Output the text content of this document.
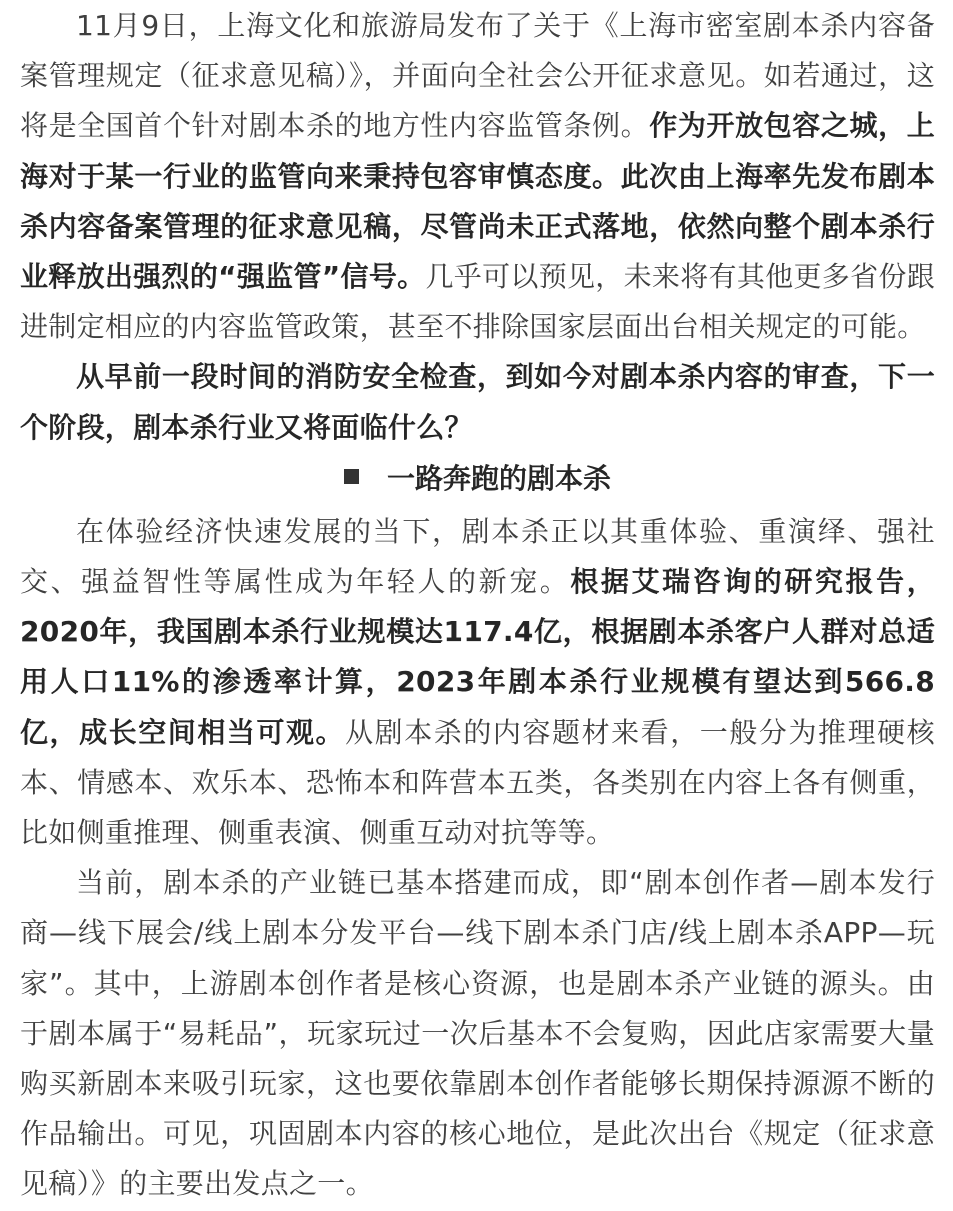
11月9日，上海文化和旅游局发布了关于《上海市密室剧本杀内容备案管理规定（征求意见稿）》，并面向全社会公开征求意见。如若通过，这将是全国首个针对剧本杀的地方性内容监管条例。作为开放包容之城，上海对于某一行业的监管向来秉持包容审慎态度。此次由上海率先发布剧本杀内容备案管理的征求意见稿，尽管尚未正式落地，依然向整个剧本杀行业释放出强烈的“强监管”信号。几乎可以预见，未来将有其他更多省份跟进制定相应的内容监管政策，甚至不排除国家层面出台相关规定的可能。

从早前一段时间的消防安全检查，到如今对剧本杀内容的审查，下一个阶段，剧本杀行业又将面临什么？

一路奔跑的剧本杀

在体验经济快速发展的当下，剧本杀正以其重体验、重演绎、强社交、强益智性等属性成为年轻人的新宠。根据艾瑞咨询的研究报告，2020年，我国剧本杀行业规模达117.4亿，根据剧本杀客户人群对总适用人口11%的渗透率计算，2023年剧本杀行业规模有望达到566.8亿，成长空间相当可观。从剧本杀的内容题材来看，一般分为推理硬核本、情感本、欢乐本、恐怖本和阵营本五类，各类别在内容上各有侧重，比如侧重推理、侧重表演、侧重互动对抗等等。

当前，剧本杀的产业链已基本搭建而成，即“剧本创作者—剧本发行商—线下展会/线上剧本分发平台—线下剧本杀门店/线上剧本杀APP—玩家”。其中，上游剧本创作者是核心资源，也是剧本杀产业链的源头。由于剧本属于“易耗品”，玩家玩过一次后基本不会复购，因此店家需要大量购买新剧本来吸引玩家，这也要依靠剧本创作者能够长期保持源源不断的作品输出。可见，巩固剧本内容的核心地位，是此次出台《规定（征求意见稿）》的主要出发点之一。
